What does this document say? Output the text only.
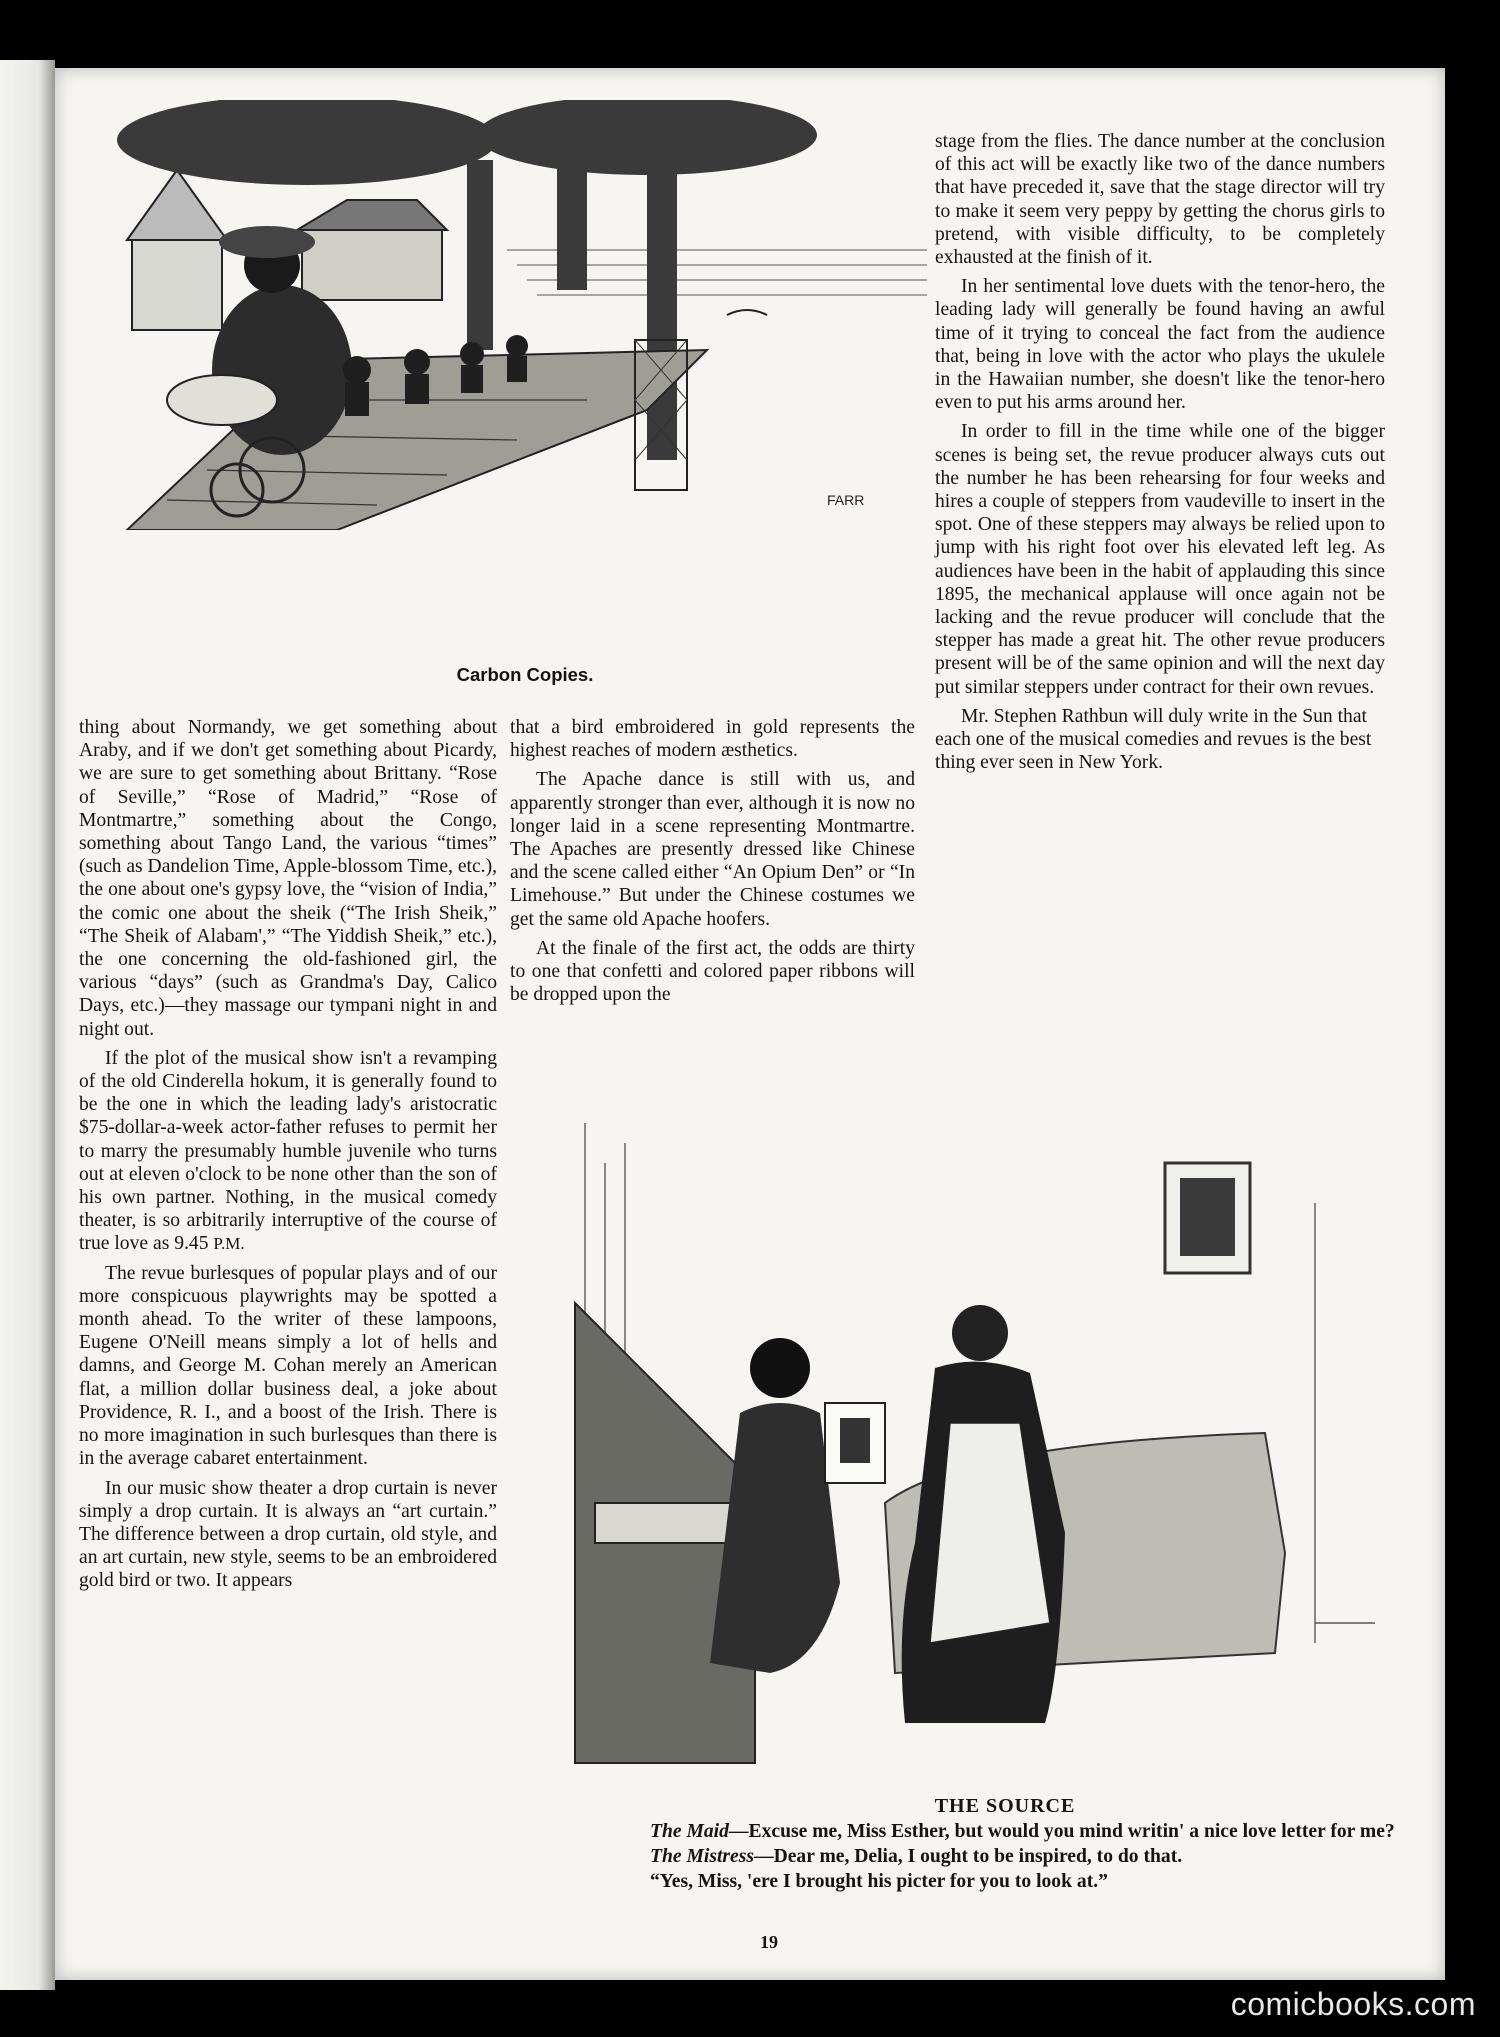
FARR
Carbon Copies.

stage from the flies. The dance number at the conclusion of this act will be exactly like two of the dance numbers that have preceded it, save that the stage director will try to make it seem very peppy by getting the chorus girls to pretend, with visible difficulty, to be completely exhausted at the finish of it.

In her sentimental love duets with the tenor-hero, the leading lady will generally be found having an awful time of it trying to conceal the fact from the audience that, being in love with the actor who plays the ukulele in the Hawaiian number, she doesn't like the tenor-hero even to put his arms around her.

In order to fill in the time while one of the bigger scenes is being set, the revue producer always cuts out the number he has been rehearsing for four weeks and hires a couple of steppers from vaudeville to insert in the spot. One of these steppers may always be relied upon to jump with his right foot over his elevated left leg. As audiences have been in the habit of applauding this since 1895, the mechanical applause will once again not be lacking and the revue producer will conclude that the stepper has made a great hit. The other revue producers present will be of the same opinion and will the next day put similar steppers under contract for their own revues.

Mr. Stephen Rathbun will duly write in the Sun that each one of the musical comedies and revues is the best thing ever seen in New York.

thing about Normandy, we get something about Araby, and if we don't get something about Picardy, we are sure to get something about Brittany. “Rose of Seville,” “Rose of Madrid,” “Rose of Montmartre,” something about the Congo, something about Tango Land, the various “times” (such as Dandelion Time, Apple-blossom Time, etc.), the one about one's gypsy love, the “vision of India,” the comic one about the sheik (“The Irish Sheik,” “The Sheik of Alabam',” “The Yiddish Sheik,” etc.), the one concerning the old-fashioned girl, the various “days” (such as Grandma's Day, Calico Days, etc.)—they massage our tympani night in and night out.

If the plot of the musical show isn't a revamping of the old Cinderella hokum, it is generally found to be the one in which the leading lady's aristocratic $75-dollar-a-week actor-father refuses to permit her to marry the presumably humble juvenile who turns out at eleven o'clock to be none other than the son of his own partner. Nothing, in the musical comedy theater, is so arbitrarily interruptive of the course of true love as 9.45 P.M.

The revue burlesques of popular plays and of our more conspicuous playwrights may be spotted a month ahead. To the writer of these lampoons, Eugene O'Neill means simply a lot of hells and damns, and George M. Cohan merely an American flat, a million dollar business deal, a joke about Providence, R. I., and a boost of the Irish. There is no more imagination in such burlesques than there is in the average cabaret entertainment.

In our music show theater a drop curtain is never simply a drop curtain. It is always an “art curtain.” The difference between a drop curtain, old style, and an art curtain, new style, seems to be an embroidered gold bird or two. It appears

that a bird embroidered in gold represents the highest reaches of modern æsthetics.

The Apache dance is still with us, and apparently stronger than ever, although it is now no longer laid in a scene representing Montmartre. The Apaches are presently dressed like Chinese and the scene called either “An Opium Den” or “In Limehouse.” But under the Chinese costumes we get the same old Apache hoofers.

At the finale of the first act, the odds are thirty to one that confetti and colored paper ribbons will be dropped upon the

THE SOURCE
The Maid—Excuse me, Miss Esther, but would you mind writin' a nice love letter for me?
The Mistress—Dear me, Delia, I ought to be inspired, to do that.
“Yes, Miss, 'ere I brought his picter for you to look at.”
19
comicbooks.com
